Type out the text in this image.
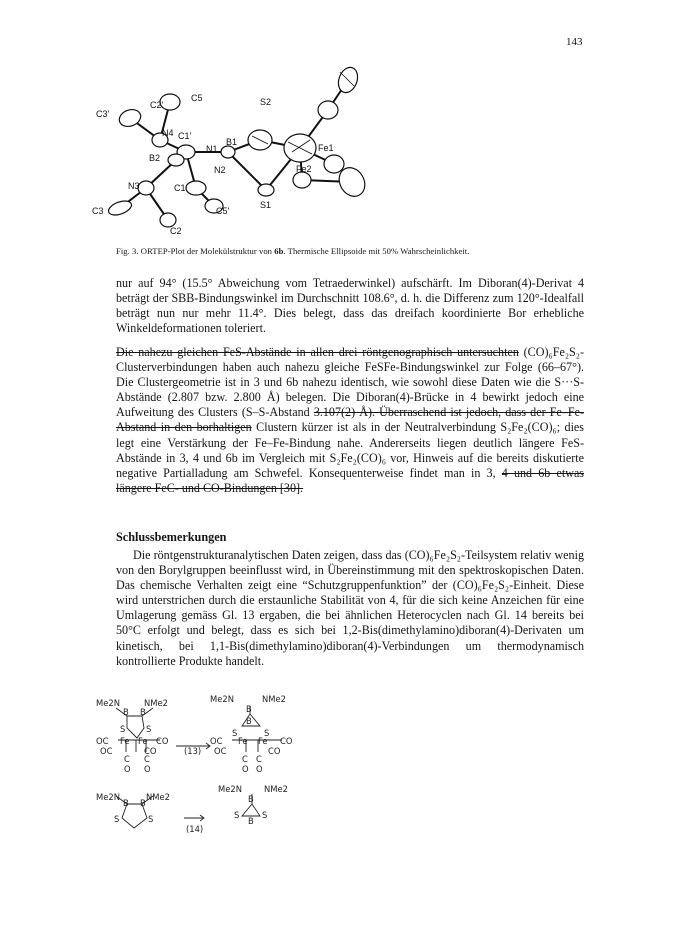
143
C3'
C2'
C5	S2
N4 C1'
N1
B1
B2
N2
Fe1
Fe2
N3	C1
S1
C3	C5'
C2
Fig. 3. ORTEP-Plot der Molekülstruktur von 6b. Thermische Ellipsoide mit 50% Wahrscheinlichkeit.
nur auf 94° (15.5° Abweichung vom Tetraederwinkel) aufschärft. Im Diboran(4)-Derivat 4 beträgt der SBB-Bindungswinkel im Durchschnitt 108.6°, d. h. die Differenz zum 120°-Idealfall beträgt nun nur mehr 11.4°. Dies belegt, dass das dreifach koordinierte Bor erhebliche Winkeldeformationen toleriert.

Die nahezu gleichen FeS-Abstände in allen drei röntgenographisch untersuchten (CO)₆Fe₂S₂-Clusterverbindungen haben auch nahezu gleiche FeSFe-Bindungswinkel zur Folge (66–67°). Die Clustergeometrie ist in 3 und 6b nahezu identisch, wie sowohl diese Daten wie die S···S-Abstände (2.807 bzw. 2.800 Å) belegen. Die Diboran(4)-Brücke in 4 bewirkt jedoch eine Aufweitung des Clusters (S–S-Abstand 3.107(2) Å). Überraschend ist jedoch, dass der Fe–Fe-Abstand in den borhaltigen Clustern kürzer ist als in der Neutralverbindung S₂Fe₂(CO)₆; dies legt eine Verstärkung der Fe–Fe-Bindung nahe. Andererseits liegen deutlich längere FeS-Abstände in 3, 4 und 6b im Vergleich mit S₂Fe₂(CO)₆ vor, Hinweis auf die bereits diskutierte negative Partialladung am Schwefel. Konsequenterweise findet man in 3, 4 und 6b etwas längere FeC- und CO-Bindungen [30].

Schlussbemerkungen
Die röntgenstrukturanalytischen Daten zeigen, dass das (CO)₆Fe₂S₂-Teilsystem relativ wenig von den Borylgruppen beeinflusst wird, in Übereinstimmung mit den spektroskopischen Daten. Das chemische Verhalten zeigt eine “Schutzgruppenfunktion” der (CO)₆Fe₂S₂-Einheit. Diese wird unterstrichen durch die erstaunliche Stabilität von 4, für die sich keine Anzeichen für eine Umlagerung gemäss Gl. 13 ergaben, die bei ähnlichen Heterocyclen nach Gl. 14 bereits bei 50°C erfolgt und belegt, dass es sich bei 1,2-Bis(dimethylamino)diboran(4)-Derivaten um kinetisch, bei 1,1-Bis(dimethylamino)diboran(4)-Verbindungen um thermodynamisch kontrollierte Produkte handelt.
Me2N	NMe2
B B
S S
OC Fe Fe CO
OC	CO
C C
O O
(13)
Me2N	NMe2
B
B
S	S
OC Fe Fe CO
OC	CO
C C
O O
Me2N	NMe2
B B
S	S
(14)
Me2N	NMe2
B
S	S
B
